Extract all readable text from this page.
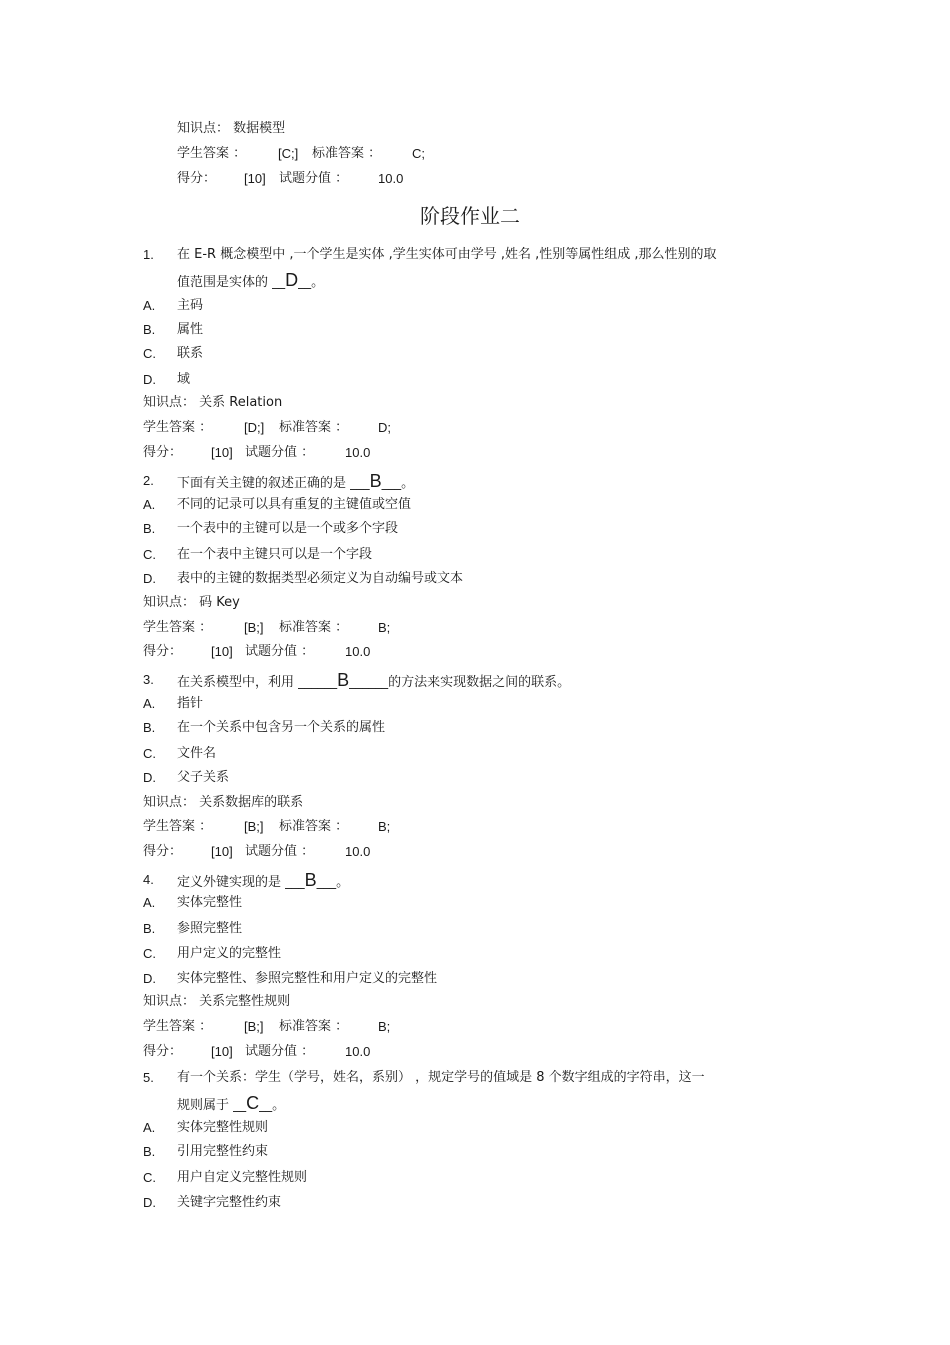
知识点： 数据模型
学生答案 ： [C;] 标准答案 ： C;
得分： [10] 试题分值 ： 10.0
阶段作业二
1. 在 E-R 概念模型中 ,一个学生是实体 ,学生实体可由学号 ,姓名 ,性别等属性组成 ,那么性别的取
值范围是实体的 __D__。
A. 主码
B. 属性
C. 联系
D. 域
知识点： 关系 Relation
学生答案 ： [D;] 标准答案 ： D;
得分： [10] 试题分值 ： 10.0
2. 下面有关主键的叙述正确的是 ___B___。
A. 不同的记录可以具有重复的主键值或空值
B. 一个表中的主键可以是一个或多个字段
C. 在一个表中主键只可以是一个字段
D. 表中的主键的数据类型必须定义为自动编号或文本
知识点： 码 Key
学生答案 ： [B;] 标准答案 ： B;
得分： [10] 试题分值 ： 10.0
3. 在关系模型中，利用 ______B______的方法来实现数据之间的联系。
A. 指针
B. 在一个关系中包含另一个关系的属性
C. 文件名
D. 父子关系
知识点： 关系数据库的联系
学生答案 ： [B;] 标准答案 ： B;
得分： [10] 试题分值 ： 10.0
4. 定义外键实现的是 ___B___。
A. 实体完整性
B. 参照完整性
C. 用户定义的完整性
D. 实体完整性、参照完整性和用户定义的完整性
知识点： 关系完整性规则
学生答案 ： [B;] 标准答案 ： B;
得分： [10] 试题分值 ： 10.0
5. 有一个关系：学生（学号，姓名，系别） ，规定学号的值域是 8 个数字组成的字符串，这一
规则属于 __C__。
A. 实体完整性规则
B. 引用完整性约束
C. 用户自定义完整性规则
D. 关键字完整性约束
